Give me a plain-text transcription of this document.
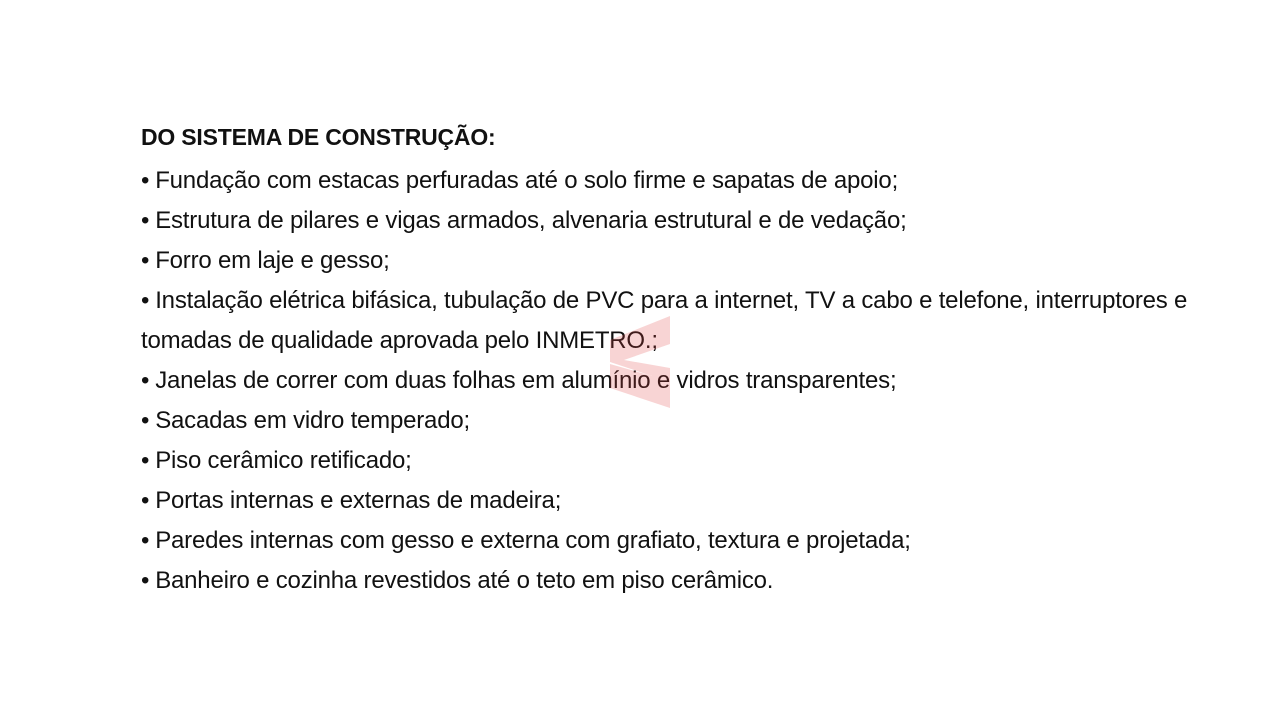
DO SISTEMA DE CONSTRUÇÃO:
• Fundação com estacas perfuradas até o solo firme e sapatas de apoio;
• Estrutura de pilares e vigas armados, alvenaria estrutural e de vedação;
• Forro em laje e gesso;
• Instalação elétrica bifásica, tubulação de PVC para a internet, TV a cabo e telefone, interruptores e tomadas de qualidade aprovada pelo INMETRO.;
• Janelas de correr com duas folhas em alumínio e vidros transparentes;
• Sacadas em vidro temperado;
• Piso cerâmico retificado;
• Portas internas e externas de madeira;
• Paredes internas com gesso e externa com grafiato, textura e projetada;
• Banheiro e cozinha revestidos até o teto em piso cerâmico.
